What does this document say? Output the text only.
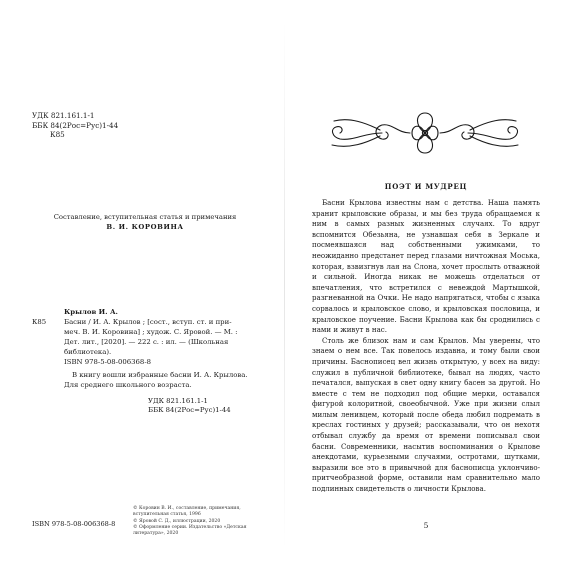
УДК 821.161.1-1
ББК 84(2Рос=Рус)1-44
К85
Составление, вступительная статья и примечания
В. И. КОРОВИНА
Крылов И. А.
К85	Басни / И. А. Крылов ; [сост., вступ. ст. и при-
меч. В. И. Коровина] ; худож. С. Яровой. — М. :
Дет. лит., [2020]. — 222 с. : ил. — (Школьная
библиотека).
ISBN 978-5-08-006368-8
В книгу вошли избранные басни И. А. Крылова.
Для среднего школьного возраста.
УДК 821.161.1-1
ББК 84(2Рос=Рус)1-44
© Коровин В. И., составление, примечания,
вступительная статья, 1996
© Яровой С. Д., иллюстрации, 2020
© Оформление серии. Издательство «Детская
литература», 2020
ISBN 978-5-08-006368-8
ПОЭТ И МУДРЕЦ

Басни Крылова известны нам с детства. Наша память хранит крыловские образы, и мы без труда обращаемся к ним в самых разных жизненных случаях. То вдруг вспомнится Обезьяна, не узнавшая себя в Зеркале и посмеявшаяся над собственными ужимками, то неожиданно предстанет перед глазами ничтожная Моська, которая, взвизгнув лая на Слона, хочет прослыть отважной и сильной. Иногда никак не можешь отделаться от впечатления, что встретился с невеждой Мартышкой, разгневанной на Очки. Не надо напрягаться, чтобы с языка сорвалось и крыловское слово, и крыловская пословица, и крыловское поучение. Басни Крылова как бы сроднились с нами и живут в нас.

Столь же близок нам и сам Крылов. Мы уверены, что знаем о нем все. Так повелось издавна, и тому были свои причины. Баснописец вел жизнь открытую, у всех на виду: служил в публичной библиотеке, бывал на людях, часто печатался, выпуская в свет одну книгу басен за другой. Но вместе с тем не подходил под общие мерки, оставался фигурой колоритной, своеобычной. Уже при жизни слыл милым ленивцем, который после обеда любил подремать в креслах гостиных у друзей; рассказывали, что он нехотя отбывал службу да время от времени пописывал свои басни. Современники, насытив воспоминания о Крылове анекдотами, курьезными случаями, остротами, шутками, выразили все это в привычной для баснописца уклончиво-притчеобразной форме, оставили нам сравнительно мало подлинных свидетельств о личности Крылова.

5
